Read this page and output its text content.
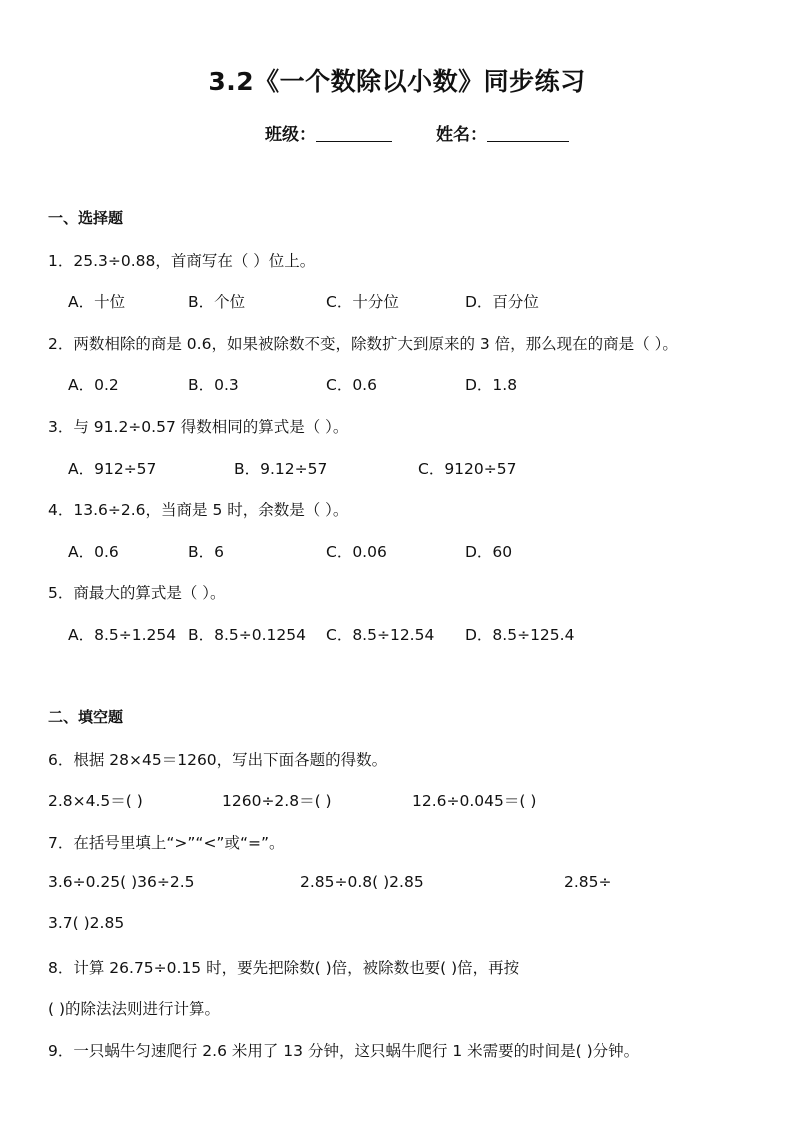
3.2《一个数除以小数》同步练习
班级：	姓名：
一、选择题
1．25.3÷0.88，首商写在（ ）位上。
A．十位	B．个位	C．十分位	D．百分位
2．两数相除的商是 0.6，如果被除数不变，除数扩大到原来的 3 倍，那么现在的商是（ ）。
A．0.2	B．0.3	C．0.6	D．1.8
3．与 91.2÷0.57 得数相同的算式是（ ）。
A．912÷57	B．9.12÷57	C．9120÷57
4．13.6÷2.6，当商是 5 时，余数是（ ）。
A．0.6	B．6	C．0.06	D．60
5．商最大的算式是（ ）。
A．8.5÷1.254 B．8.5÷0.1254 C．8.5÷12.54 D．8.5÷125.4
二、填空题
6．根据 28×45＝1260，写出下面各题的得数。
2.8×4.5＝( )	1260÷2.8＝( )	12.6÷0.045＝( )
7．在括号里填上“>”“<”或“=”。
3.6÷0.25( )36÷2.5	2.85÷0.8( )2.85	2.85÷
3.7( )2.85
8．计算 26.75÷0.15 时，要先把除数( )倍，被除数也要( )倍，再按
( )的除法法则进行计算。
9．一只蜗牛匀速爬行 2.6 米用了 13 分钟，这只蜗牛爬行 1 米需要的时间是( )分钟。
